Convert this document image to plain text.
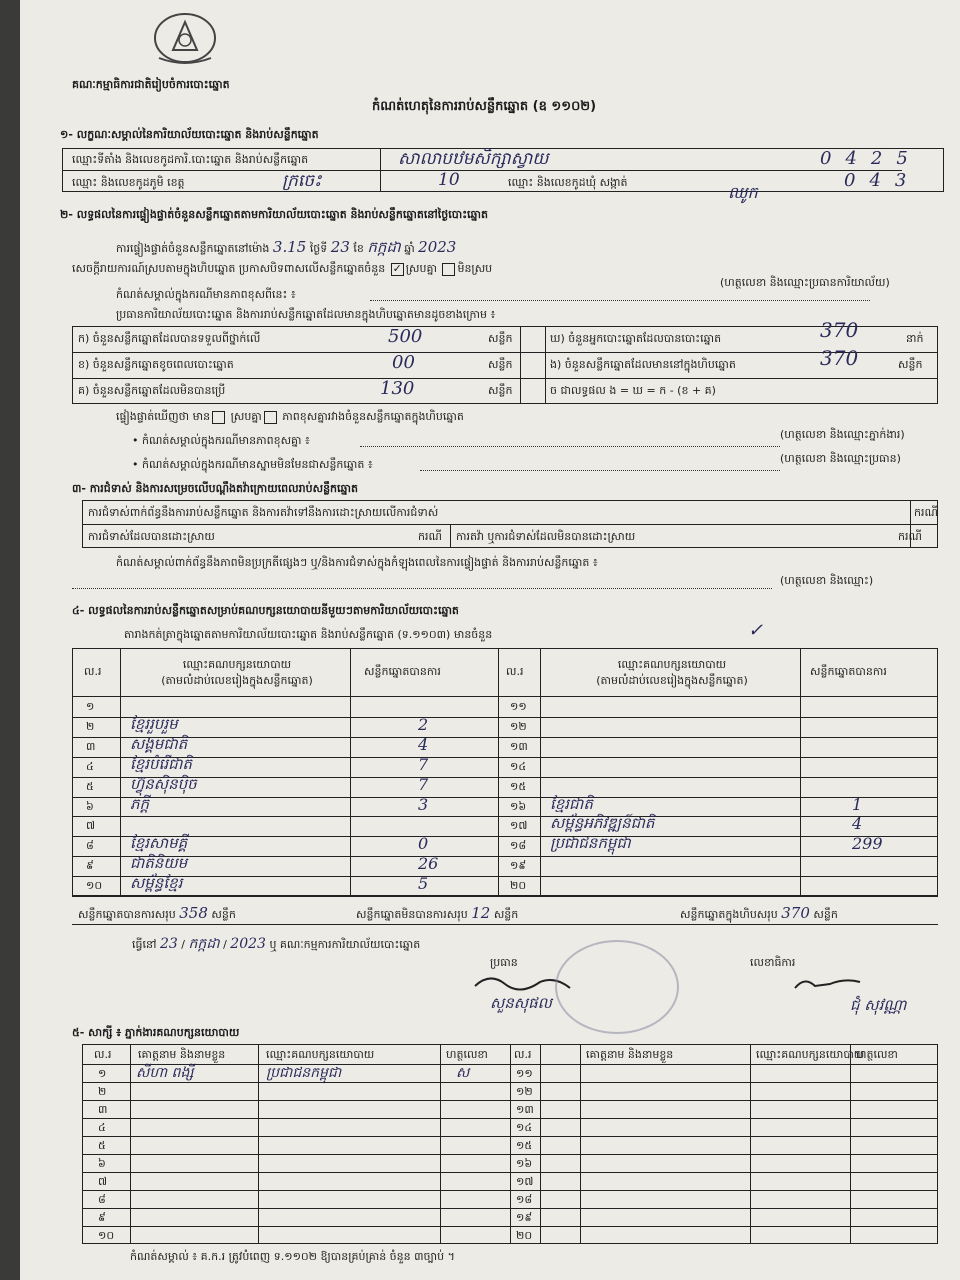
គណៈកម្មាធិការជាតិរៀបចំការបោះឆ្នោត
កំណត់ហេតុនៃការរាប់សន្លឹកឆ្នោត (ឧ ១១០២)
១- លក្ខណៈសម្គាល់នៃការិយាល័យបោះឆ្នោត និងរាប់សន្លឹកឆ្នោត
ឈ្មោះទីតាំង និងលេខកូដការិ.បោះឆ្នោត និងរាប់សន្លឹកឆ្នោត	សាលាបឋមសិក្សាស្វាយ	0425
ឈ្មោះ និងលេខកូដភូមិ ខេត្ត	ក្រចេះ	10	ឈ្មោះ និងលេខកូដឃុំ សង្កាត់	043
ឈូក
២- លទ្ធផលនៃការផ្ទៀងផ្ទាត់ចំនួនសន្លឹកឆ្នោតតាមការិយាល័យបោះឆ្នោត និងរាប់សន្លឹកឆ្នោតនៅថ្ងៃបោះឆ្នោត
ការផ្ទៀងផ្ទាត់ចំនួនសន្លឹកឆ្នោតនៅម៉ោង 3.15 ថ្ងៃទី 23 ខែ កក្កដា ឆ្នាំ 2023
សេចក្តីរាយការណ៍ស្របតាមក្នុងហិបឆ្នោត ប្រកាសបិទពាសលើសន្លឹកឆ្នោតចំនួន ✓ ស្របគ្នា មិនស្រប
កំណត់សម្គាល់ក្នុងករណីមានភាពខុសពីនេះ ៖
(ហត្ថលេខា និងឈ្មោះប្រធានការិយាល័យ)
ប្រធានការិយាល័យបោះឆ្នោត និងការរាប់សន្លឹកឆ្នោតដែលមានក្នុងហិបឆ្នោតមានដូចខាងក្រោម ៖
ក) ចំនួនសន្លឹកឆ្នោតដែលបានទទួលពីថ្នាក់លើ	500	សន្លឹក
ខ) ចំនួនសន្លឹកឆ្នោតខូចពេលបោះឆ្នោត	00	សន្លឹក
គ) ចំនួនសន្លឹកឆ្នោតដែលមិនបានប្រើ	130	សន្លឹក
ឃ) ចំនួនអ្នកបោះឆ្នោតដែលបានបោះឆ្នោត	370	នាក់
ង) ចំនួនសន្លឹកឆ្នោតដែលមាននៅក្នុងហិបឆ្នោត	370	សន្លឹក
ច ជាលទ្ធផល ង = ឃ = ក - (ខ + គ)
ផ្ទៀងផ្ទាត់ឃើញថា មាន ស្របគ្នា ភាពខុសគ្នារវាងចំនួនសន្លឹកឆ្នោតក្នុងហិបឆ្នោត
• កំណត់សម្គាល់ក្នុងករណីមានភាពខុសគ្នា ៖	(ហត្ថលេខា និងឈ្មោះភ្នាក់ងារ)
• កំណត់សម្គាល់ក្នុងករណីមានស្នាមមិនមែនជាសន្លឹកឆ្នោត ៖	(ហត្ថលេខា និងឈ្មោះប្រធាន)
៣- ការជំទាស់ និងការសម្រេចលើបណ្តឹងតវ៉ាក្រោយពេលរាប់សន្លឹកឆ្នោត
ការជំទាស់ពាក់ព័ន្ធនឹងការរាប់សន្លឹកឆ្នោត និងការតវ៉ាទៅនឹងការដោះស្រាយលើការជំទាស់	ករណី
ការជំទាស់ដែលបានដោះស្រាយ	ករណី ការតវ៉ា ឬការជំទាស់ដែលមិនបានដោះស្រាយ	ករណី
កំណត់សម្គាល់ពាក់ព័ន្ធនឹងភាពមិនប្រក្រតីផ្សេងៗ ឬ/និងការជំទាស់ក្នុងកំឡុងពេលនៃការផ្ទៀងផ្ទាត់ និងការរាប់សន្លឹកឆ្នោត ៖
(ហត្ថលេខា និងឈ្មោះ)
៤- លទ្ធផលនៃការរាប់សន្លឹកឆ្នោតសម្រាប់គណបក្សនយោបាយនីមួយៗតាមការិយាល័យបោះឆ្នោត
តារាងកត់ត្រាក្នុងឆ្នោតតាមការិយាល័យបោះឆ្នោត និងរាប់សន្លឹកឆ្នោត (ទ.១១០៣) មានចំនួន	✓
ល.រ
ឈ្មោះគណបក្សនយោបាយ
(តាមលំដាប់លេខរៀងក្នុងសន្លឹកឆ្នោត)
សន្លឹកឆ្នោតបានការ	ល.រ
ឈ្មោះគណបក្សនយោបាយ
(តាមលំដាប់លេខរៀងក្នុងសន្លឹកឆ្នោត)
សន្លឹកឆ្នោតបានការ
១	១១
២ ខ្មែររួបរួម	2	១២
៣ សង្គមជាតិ	4	១៣
៤ ខ្មែរបំរើជាតិ	7	១៤
៥ ហ៊្វុនស៊ិនប៉ិច	7	១៥
៦ ភក្ដី	3	១៦ ខ្មែរជាតិ	1
៧	១៧ សម្ព័ន្ធអភិវឌ្ឍន៍ជាតិ	4
៨ ខ្មែរសាមគ្គី	0	១៨ ប្រជាជនកម្ពុជា	299
៩ ជាតិនិយម	26	១៩
១០ សម្ព័ន្ធខ្មែរ	5	២០
សន្លឹកឆ្នោតបានការសរុប 358 សន្លឹក	សន្លឹកឆ្នោតមិនបានការសរុប 12 សន្លឹក	សន្លឹកឆ្នោតក្នុងហិបសរុប 370 សន្លឹក
ធ្វើនៅ 23 / កក្កដា / 2023 ឬ គណៈកម្មការការិយាល័យបោះឆ្នោត
ប្រធាន
សួនសុផល
លេខាធិការ
ជុំ សុវណ្ណា
៥- សាក្សី ៖ ភ្នាក់ងារគណបក្សនយោបាយ
ល.រ គោត្តនាម និងនាមខ្លួន	ឈ្មោះគណបក្សនយោបាយ	ហត្ថលេខា ល.រ	គោត្តនាម និងនាមខ្លួន	ឈ្មោះគណបក្សនយោបាយ
ហត្ថលេខា
១ សីហា ពង្សី	ប្រជាជនកម្ពុជា	ស	១១
២	១២
៣	១៣
៤	១៤
៥	១៥
៦	១៦
៧	១៧
៨	១៨
៩	១៩
១០	២០
កំណត់សម្គាល់ ៖ គ.ក.រ ត្រូវបំពេញ ទ.១១០២ ឱ្យបានគ្រប់គ្រាន់ ចំនួន ៣ច្បាប់ ។
